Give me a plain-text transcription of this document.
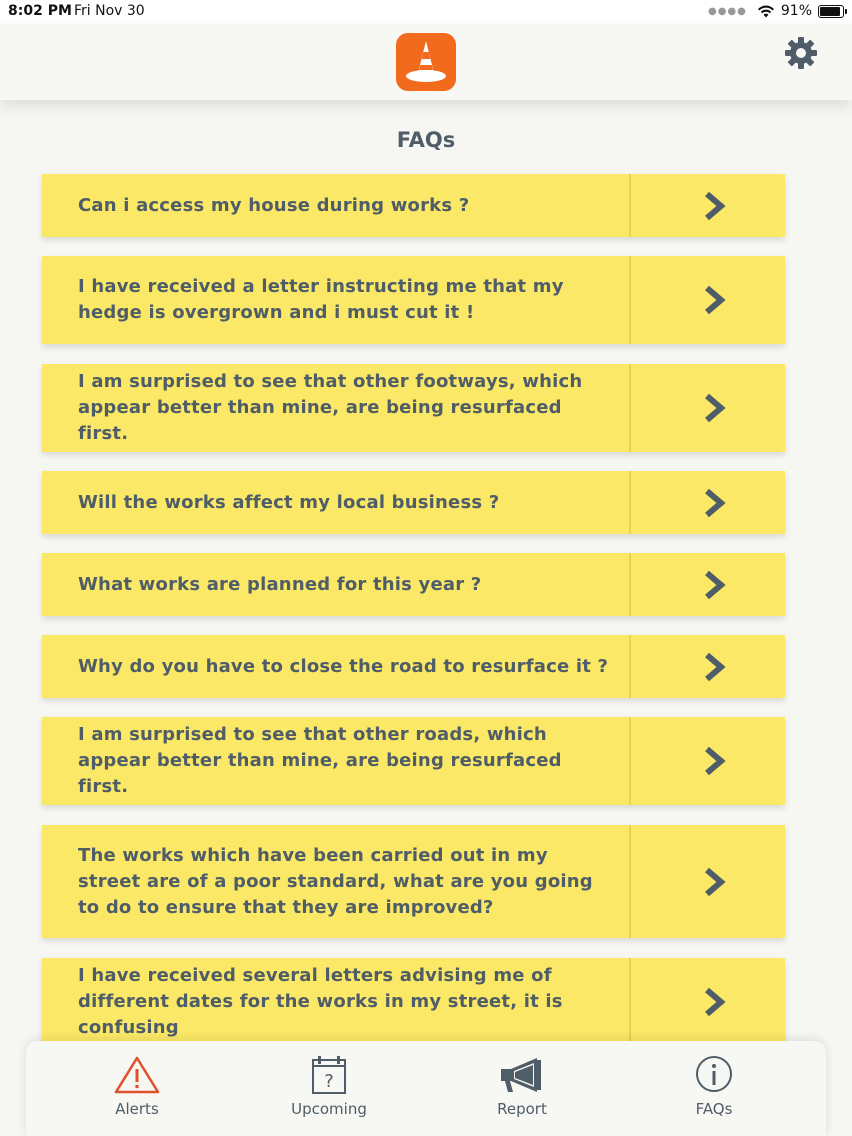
8:02 PM Fri Nov 30	●●●● 91%
FAQs
Can i access my house during works ?
I have received a letter instructing me that my hedge is overgrown and i must cut it !
I am surprised to see that other footways, which appear better than mine, are being resurfaced first.
Will the works affect my local business ?
What works are planned for this year ?
Why do you have to close the road to resurface it ?
I am surprised to see that other roads, which appear better than mine, are being resurfaced first.
The works which have been carried out in my street are of a poor standard, what are you going to do to ensure that they are improved?
I have received several letters advising me of different dates for the works in my street, it is confusing
Alerts
?
Upcoming	Report	FAQs
